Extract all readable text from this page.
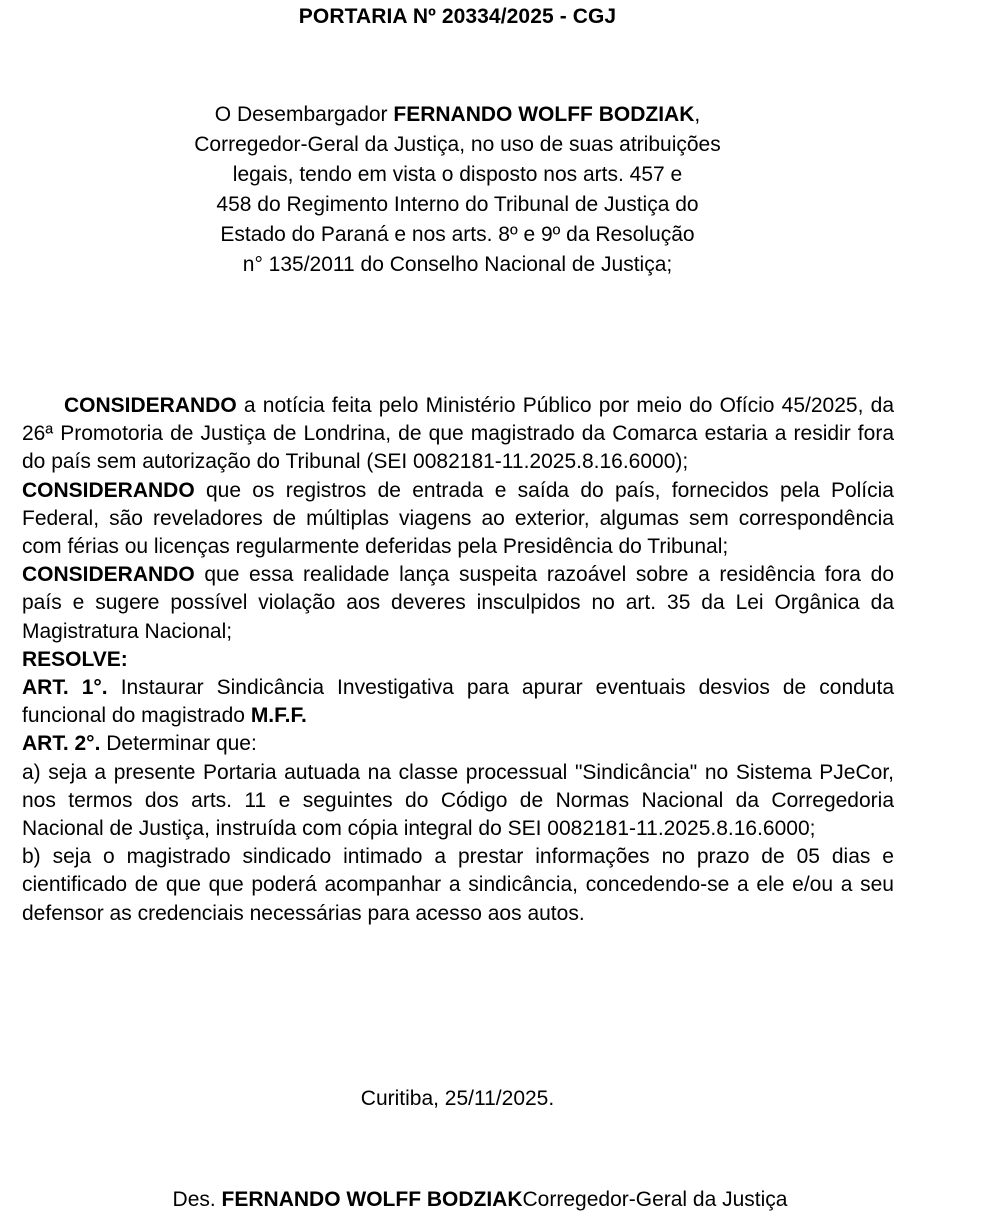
PORTARIA Nº 20334/2025 - CGJ
O Desembargador FERNANDO WOLFF BODZIAK,
Corregedor-Geral da Justiça, no uso de suas atribuições
legais, tendo em vista o disposto nos arts. 457 e
458 do Regimento Interno do Tribunal de Justiça do
Estado do Paraná e nos arts. 8º e 9º da Resolução
n° 135/2011 do Conselho Nacional de Justiça;

CONSIDERANDO a notícia feita pelo Ministério Público por meio do Ofício 45/2025, da 26ª Promotoria de Justiça de Londrina, de que magistrado da Comarca estaria a residir fora do país sem autorização do Tribunal (SEI 0082181-11.2025.8.16.6000);

CONSIDERANDO que os registros de entrada e saída do país, fornecidos pela Polícia Federal, são reveladores de múltiplas viagens ao exterior, algumas sem correspondência com férias ou licenças regularmente deferidas pela Presidência do Tribunal;

CONSIDERANDO que essa realidade lança suspeita razoável sobre a residência fora do país e sugere possível violação aos deveres insculpidos no art. 35 da Lei Orgânica da Magistratura Nacional;

RESOLVE:

ART. 1°. Instaurar Sindicância Investigativa para apurar eventuais desvios de conduta funcional do magistrado M.F.F.

ART. 2°. Determinar que:

a) seja a presente Portaria autuada na classe processual "Sindicância" no Sistema PJeCor, nos termos dos arts. 11 e seguintes do Código de Normas Nacional da Corregedoria Nacional de Justiça, instruída com cópia integral do SEI 0082181-11.2025.8.16.6000;

b) seja o magistrado sindicado intimado a prestar informações no prazo de 05 dias e cientificado de que que poderá acompanhar a sindicância, concedendo-se a ele e/ou a seu defensor as credenciais necessárias para acesso aos autos.

Curitiba, 25/11/2025.
Des. FERNANDO WOLFF BODZIAKCorregedor-Geral da Justiça
